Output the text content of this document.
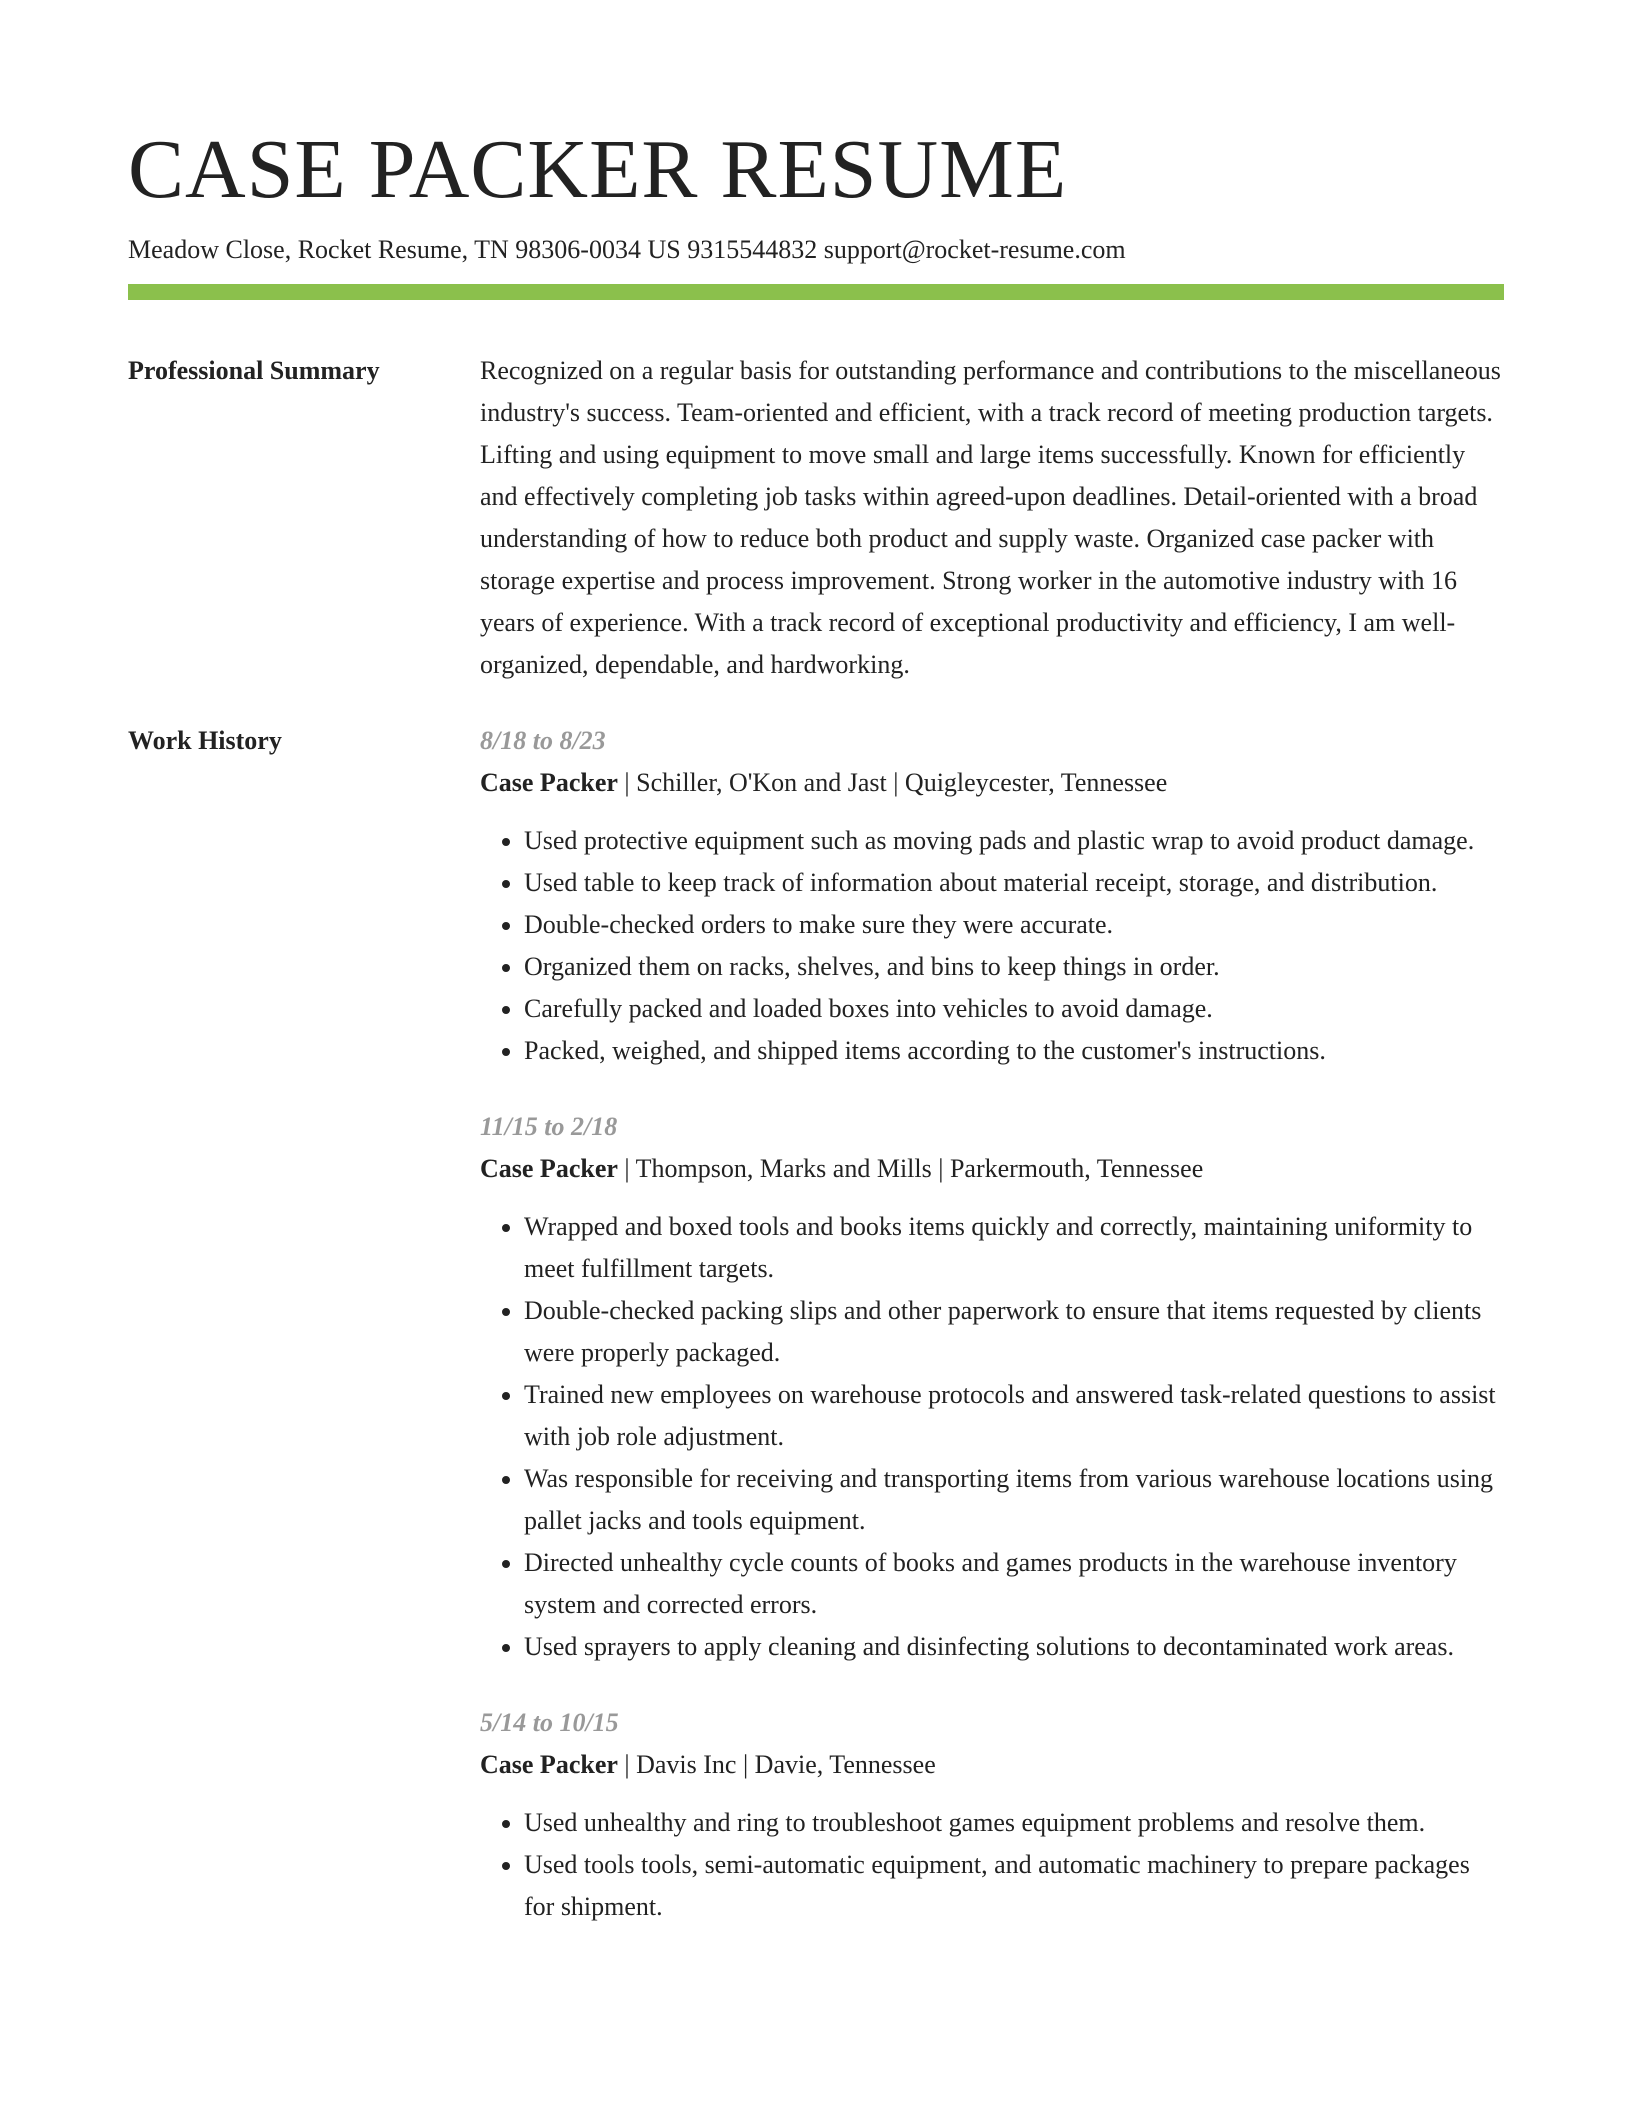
CASE PACKER RESUME
Meadow Close, Rocket Resume, TN 98306-0034 US 9315544832 support@rocket-resume.com
Professional Summary	Recognized on a regular basis for outstanding performance and contributions to the miscellaneous industry's success. Team-oriented and efficient, with a track record of meeting production targets. Lifting and using equipment to move small and large items successfully. Known for efficiently and effectively completing job tasks within agreed-upon deadlines. Detail-oriented with a broad understanding of how to reduce both product and supply waste. Organized case packer with storage expertise and process improvement. Strong worker in the automotive industry with 16 years of experience. With a track record of exceptional productivity and efficiency, I am well-organized, dependable, and hardworking.

Work History	8/18 to 8/23
Case Packer | Schiller, O'Kon and Jast | Quigleycester, Tennessee
• Used protective equipment such as moving pads and plastic wrap to avoid product damage.
• Used table to keep track of information about material receipt, storage, and distribution.
• Double-checked orders to make sure they were accurate.
• Organized them on racks, shelves, and bins to keep things in order.
• Carefully packed and loaded boxes into vehicles to avoid damage.
• Packed, weighed, and shipped items according to the customer's instructions.
11/15 to 2/18
Case Packer | Thompson, Marks and Mills | Parkermouth, Tennessee
• Wrapped and boxed tools and books items quickly and correctly, maintaining uniformity to meet fulfillment targets.
• Double-checked packing slips and other paperwork to ensure that items requested by clients were properly packaged.
• Trained new employees on warehouse protocols and answered task-related questions to assist with job role adjustment.
• Was responsible for receiving and transporting items from various warehouse locations using pallet jacks and tools equipment.
• Directed unhealthy cycle counts of books and games products in the warehouse inventory system and corrected errors.
• Used sprayers to apply cleaning and disinfecting solutions to decontaminated work areas.
5/14 to 10/15
Case Packer | Davis Inc | Davie, Tennessee
• Used unhealthy and ring to troubleshoot games equipment problems and resolve them.
• Used tools tools, semi-automatic equipment, and automatic machinery to prepare packages for shipment.
